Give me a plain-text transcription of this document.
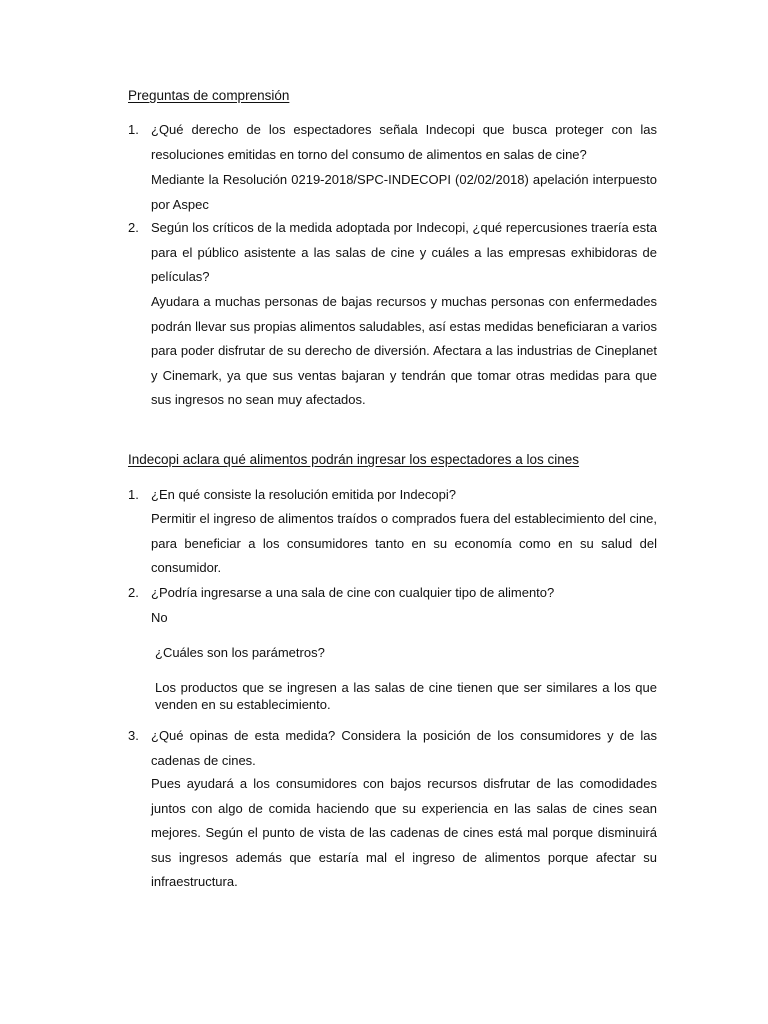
Preguntas de comprensión
1. ¿Qué derecho de los espectadores señala Indecopi que busca proteger con las resoluciones emitidas en torno del consumo de alimentos en salas de cine?
Mediante la Resolución 0219-2018/SPC-INDECOPI (02/02/2018) apelación interpuesto por Aspec
2. Según los críticos de la medida adoptada por Indecopi, ¿qué repercusiones traería esta para el público asistente a las salas de cine y cuáles a las empresas exhibidoras de películas?
Ayudara a muchas personas de bajas recursos y muchas personas con enfermedades podrán llevar sus propias alimentos saludables, así estas medidas beneficiaran a varios para poder disfrutar de su derecho de diversión. Afectara a las industrias de Cineplanet y Cinemark, ya que sus ventas bajaran y tendrán que tomar otras medidas para que sus ingresos no sean muy afectados.
Indecopi aclara qué alimentos podrán ingresar los espectadores a los cines
1. ¿En qué consiste la resolución emitida por Indecopi?
Permitir el ingreso de alimentos traídos o comprados fuera del establecimiento del cine, para beneficiar a los consumidores tanto en su economía como en su salud del consumidor.
2. ¿Podría ingresarse a una sala de cine con cualquier tipo de alimento?
No
¿Cuáles son los parámetros?
Los productos que se ingresen a las salas de cine tienen que ser similares a los que venden en su establecimiento.
3. ¿Qué opinas de esta medida? Considera la posición de los consumidores y de las cadenas de cines.
Pues ayudará a los consumidores con bajos recursos disfrutar de las comodidades juntos con algo de comida haciendo que su experiencia en las salas de cines sean mejores. Según el punto de vista de las cadenas de cines está mal porque disminuirá sus ingresos además que estaría mal el ingreso de alimentos porque afectar su infraestructura.
